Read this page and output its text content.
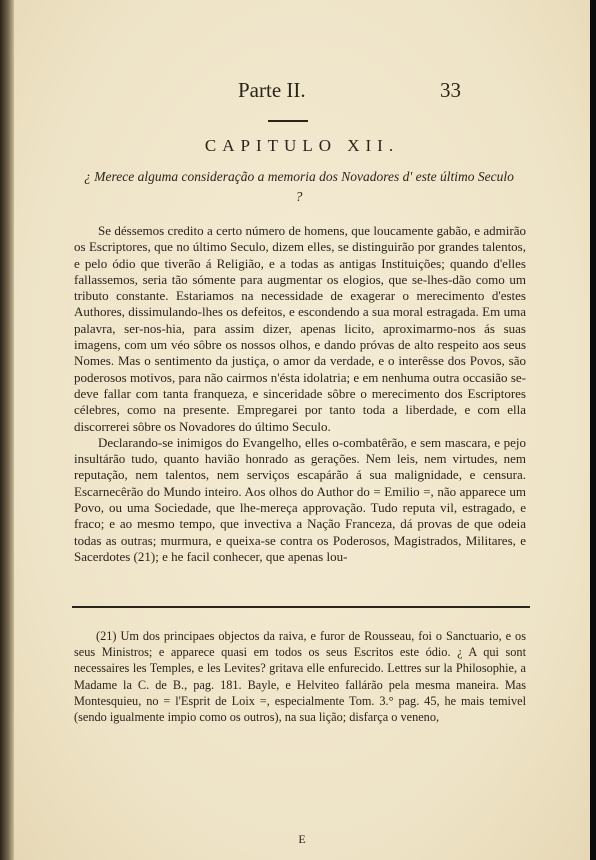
Parte II.	33
CAPITULO XII.
¿ Merece alguma consideração a memoria dos Novadores d' este último Seculo ?

Se déssemos credito a certo número de homens, que loucamente gabão, e admirão os Escriptores, que no último Seculo, dizem elles, se distinguirão por grandes talentos, e pelo ódio que tiverão á Religião, e a todas as antigas Instituições; quando d'elles fallassemos, seria tão sómente para augmentar os elogios, que se-lhes-dão como um tributo constante. Estariamos na necessidade de exagerar o merecimento d'estes Authores, dissimulando-lhes os defeitos, e escondendo a sua moral estragada. Em uma palavra, ser-nos-hia, para assim dizer, apenas licito, aproximarmo-nos ás suas imagens, com um véo sôbre os nossos olhos, e dando próvas de alto respeito aos seus Nomes. Mas o sentimento da justiça, o amor da verdade, e o interêsse dos Povos, são poderosos motivos, para não cairmos n'ésta idolatria; e em nenhuma outra occasião se-deve fallar com tanta franqueza, e sinceridade sôbre o merecimento dos Escriptores célebres, como na presente. Empregarei por tanto toda a liberdade, e com ella discorrerei sôbre os Novadores do último Seculo.

Declarando-se inimigos do Evangelho, elles o-combatêrão, e sem mascara, e pejo insultárão tudo, quanto havião honrado as gerações. Nem leis, nem virtudes, nem reputação, nem talentos, nem serviços escapárão á sua malignidade, e censura. Escarnecêrão do Mundo inteiro. Aos olhos do Author do = Emilio =, não apparece um Povo, ou uma Sociedade, que lhe-mereça approvação. Tudo reputa vil, estragado, e fraco; e ao mesmo tempo, que invectiva a Nação Franceza, dá provas de que odeia todas as outras; murmura, e queixa-se contra os Poderosos, Magistrados, Militares, e Sacerdotes (21); e he facil conhecer, que apenas lou-

(21) Um dos principaes objectos da raiva, e furor de Rousseau, foi o Sanctuario, e os seus Ministros; e apparece quasi em todos os seus Escritos este ódio. ¿ A qui sont necessaires les Temples, e les Levites? gritava elle enfurecido. Lettres sur la Philosophie, a Madame la C. de B., pag. 181. Bayle, e Helviteo fallárão pela mesma maneira. Mas Montesquieu, no = l'Esprit de Loix =, especialmente Tom. 3.° pag. 45, he mais temivel (sendo igualmente impio como os outros), na sua lição; disfarça o veneno,

E
